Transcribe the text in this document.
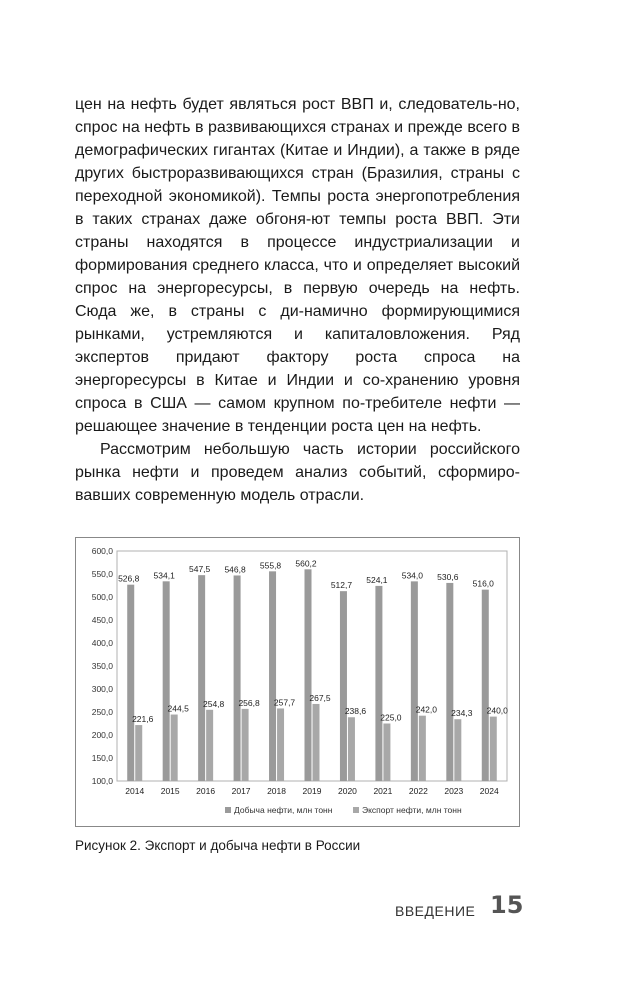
цен на нефть будет являться рост ВВП и, следователь-но, спрос на нефть в развивающихся странах и прежде всего в демографических гигантах (Китае и Индии), а также в ряде других быстроразвивающихся стран (Бразилия, страны с переходной экономикой). Темпы роста энергопотребления в таких странах даже обгоня-ют темпы роста ВВП. Эти страны находятся в процессе индустриализации и формирования среднего класса, что и определяет высокий спрос на энергоресурсы, в первую очередь на нефть. Сюда же, в страны с ди-намично формирующимися рынками, устремляются и капиталовложения. Ряд экспертов придают фактору роста спроса на энергоресурсы в Китае и Индии и со-хранению уровня спроса в США — самом крупном по-требителе нефти — решающее значение в тенденции роста цен на нефть.

Рассмотрим небольшую часть истории российского рынка нефти и проведем анализ событий, сформиро-вавших современную модель отрасли.

100,0
150,0
200,0
250,0
300,0
350,0
400,0
450,0
500,0
550,0
600,0
526,8
221,6
2014
534,1
244,5
2015
547,5
254,8
2016
546,8
256,8
2017
555,8
257,7
2018
560,2
267,5
2019
512,7
238,6
2020
524,1
225,0
2021
534,0
242,0
2022
530,6
234,3
2023
516,0
240,0
2024
Добыча нефти, млн тонн	Экспорт нефти, млн тонн
Рисунок 2. Экспорт и добыча нефти в России
ВВЕДЕНИЕ 15
